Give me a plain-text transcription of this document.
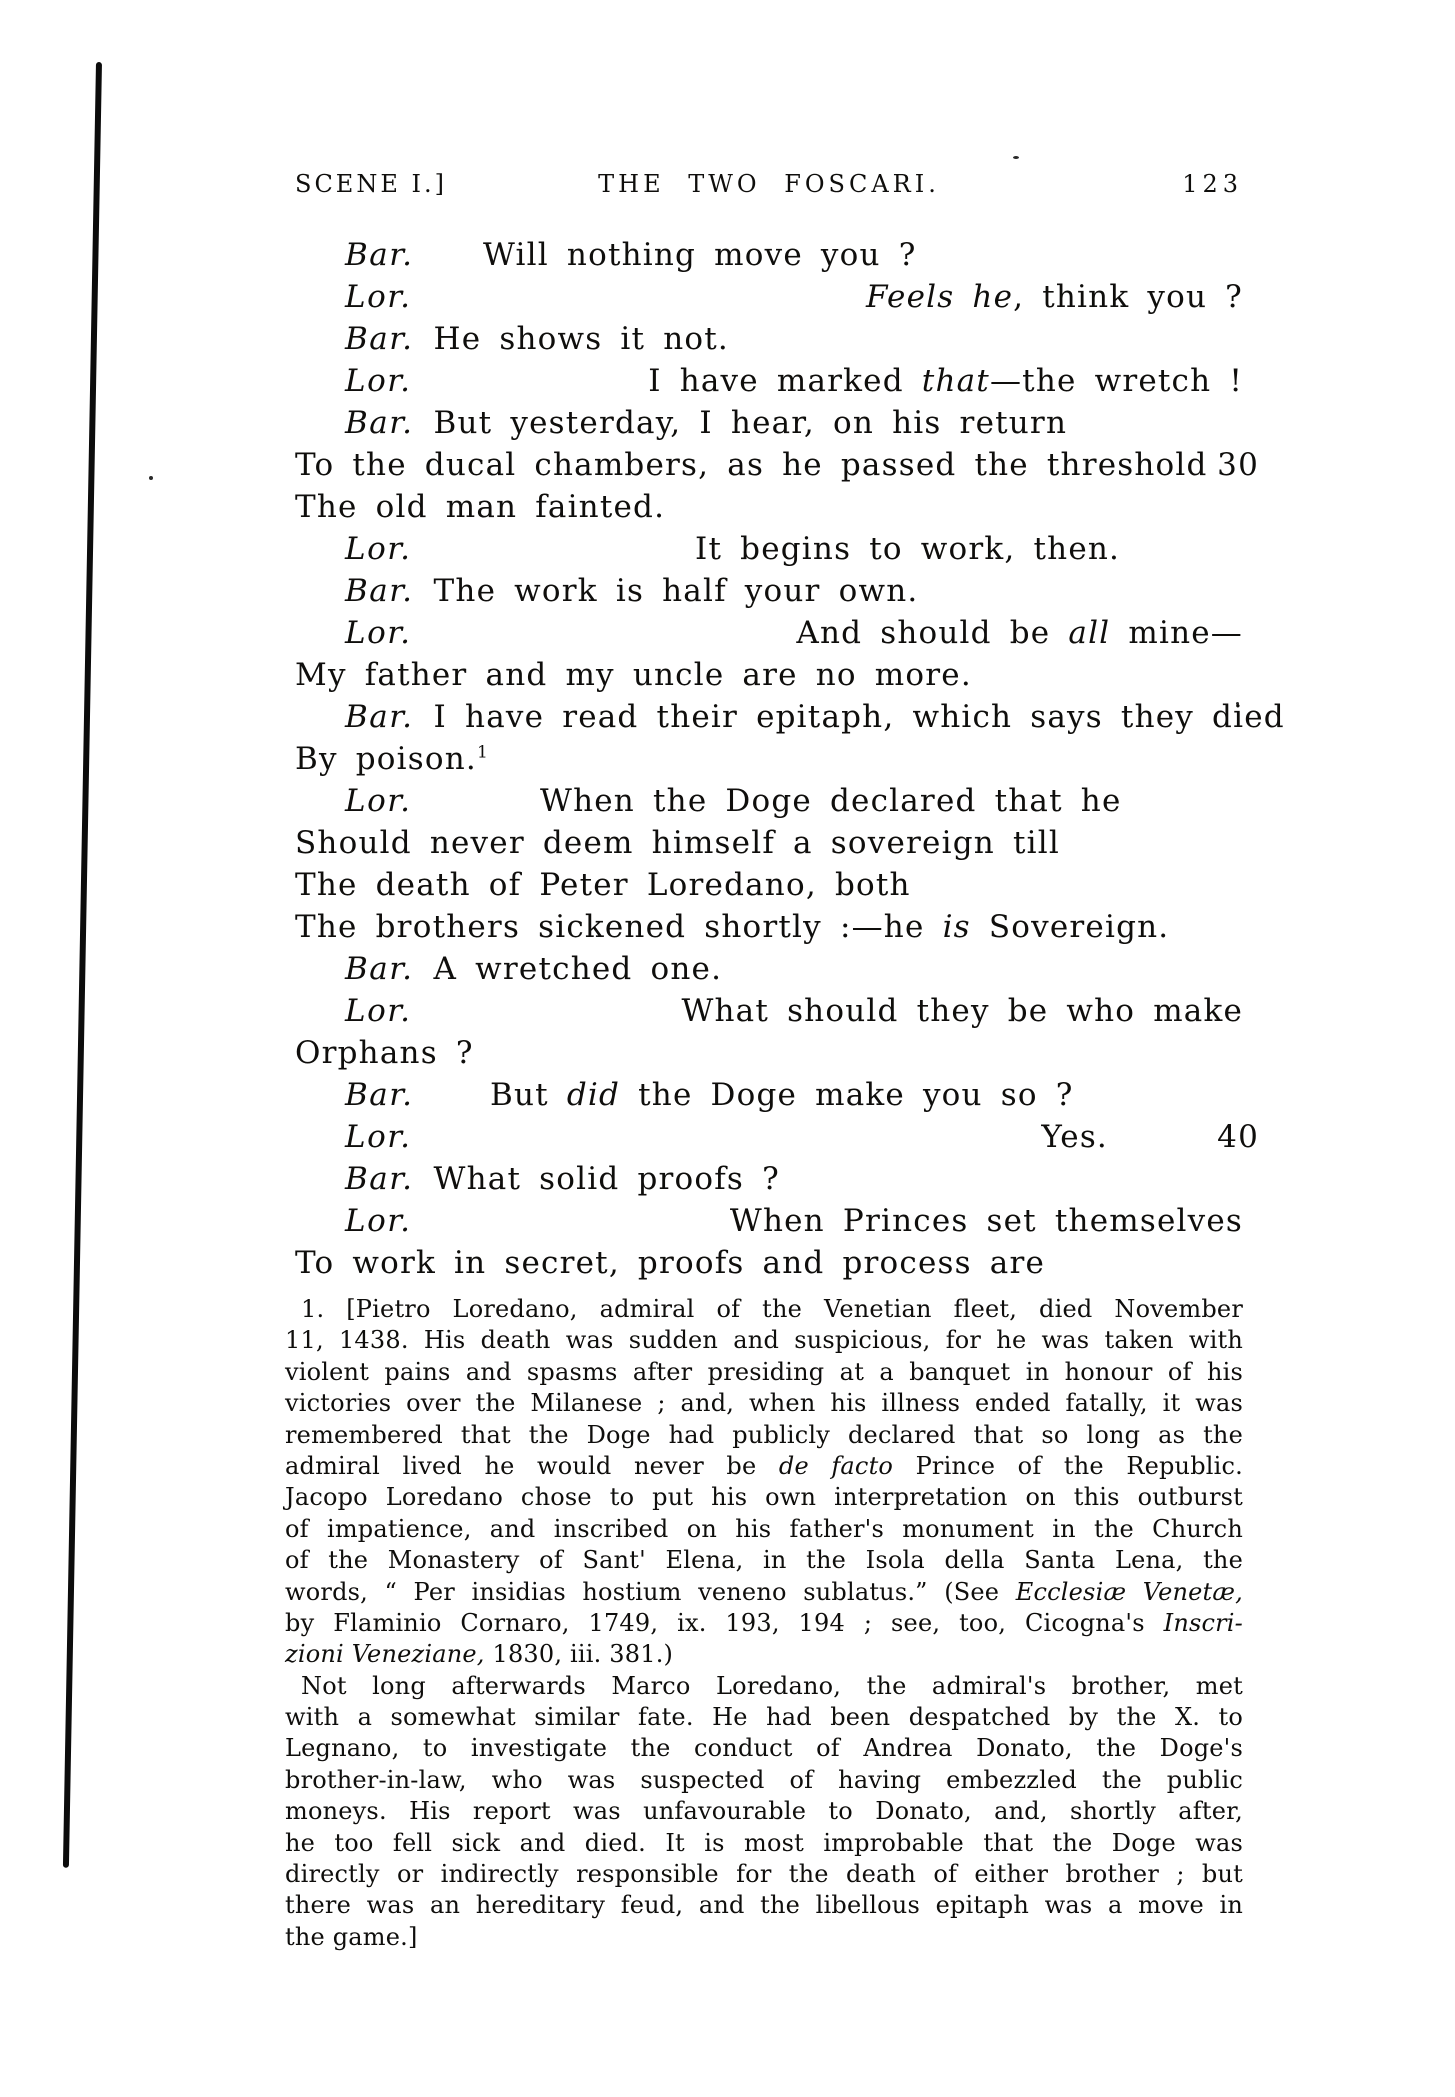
SCENE I.]

	THE TWO FOSCARI.

	123

Bar. Will nothing move you ?
Lor.	Feels he, think you ?
Bar. He shows it not.
Lor.	I have marked that—the wretch !
Bar. But yesterday, I hear, on his return
To the ducal chambers, as he passed the threshold 30
The old man fainted.
Lor.	It begins to work, then.
Bar. The work is half your own.
Lor.	And should be all mine—
My father and my uncle are no more.
Bar. I have read their epitaph, which says they died
By poison.$^1$
Lor.	When the Doge declared that he
Should never deem himself a sovereign till
The death of Peter Loredano, both
The brothers sickened shortly :—he is Sovereign.
Bar. A wretched one.
Lor.	What should they be who make
Orphans ?
Bar. But did the Doge make you so ?
Lor.	Yes.	40
Bar. What solid proofs ?
Lor.	When Princes set themselves
To work in secret, proofs and process are
1. [Pietro Loredano, admiral of the Venetian fleet, died November
11, 1438. His death was sudden and suspicious, for he was taken with
violent pains and spasms after presiding at a banquet in honour of his
victories over the Milanese ; and, when his illness ended fatally, it was
remembered that the Doge had publicly declared that so long as the
admiral lived he would never be de facto Prince of the Republic.
Jacopo Loredano chose to put his own interpretation on this outburst
of impatience, and inscribed on his father's monument in the Church
of the Monastery of Sant' Elena, in the Isola della Santa Lena, the
words, “ Per insidias hostium veneno sublatus.” (See Ecclesiæ Venetæ,
by Flaminio Cornaro, 1749, ix. 193, 194 ; see, too, Cicogna's Inscri-
zioni Veneziane, 1830, iii. 381.)
Not long afterwards Marco Loredano, the admiral's brother, met
with a somewhat similar fate. He had been despatched by the X. to
Legnano, to investigate the conduct of Andrea Donato, the Doge's
brother-in-law, who was suspected of having embezzled the public
moneys. His report was unfavourable to Donato, and, shortly after,
he too fell sick and died. It is most improbable that the Doge was
directly or indirectly responsible for the death of either brother ; but
there was an hereditary feud, and the libellous epitaph was a move in
the game.]
